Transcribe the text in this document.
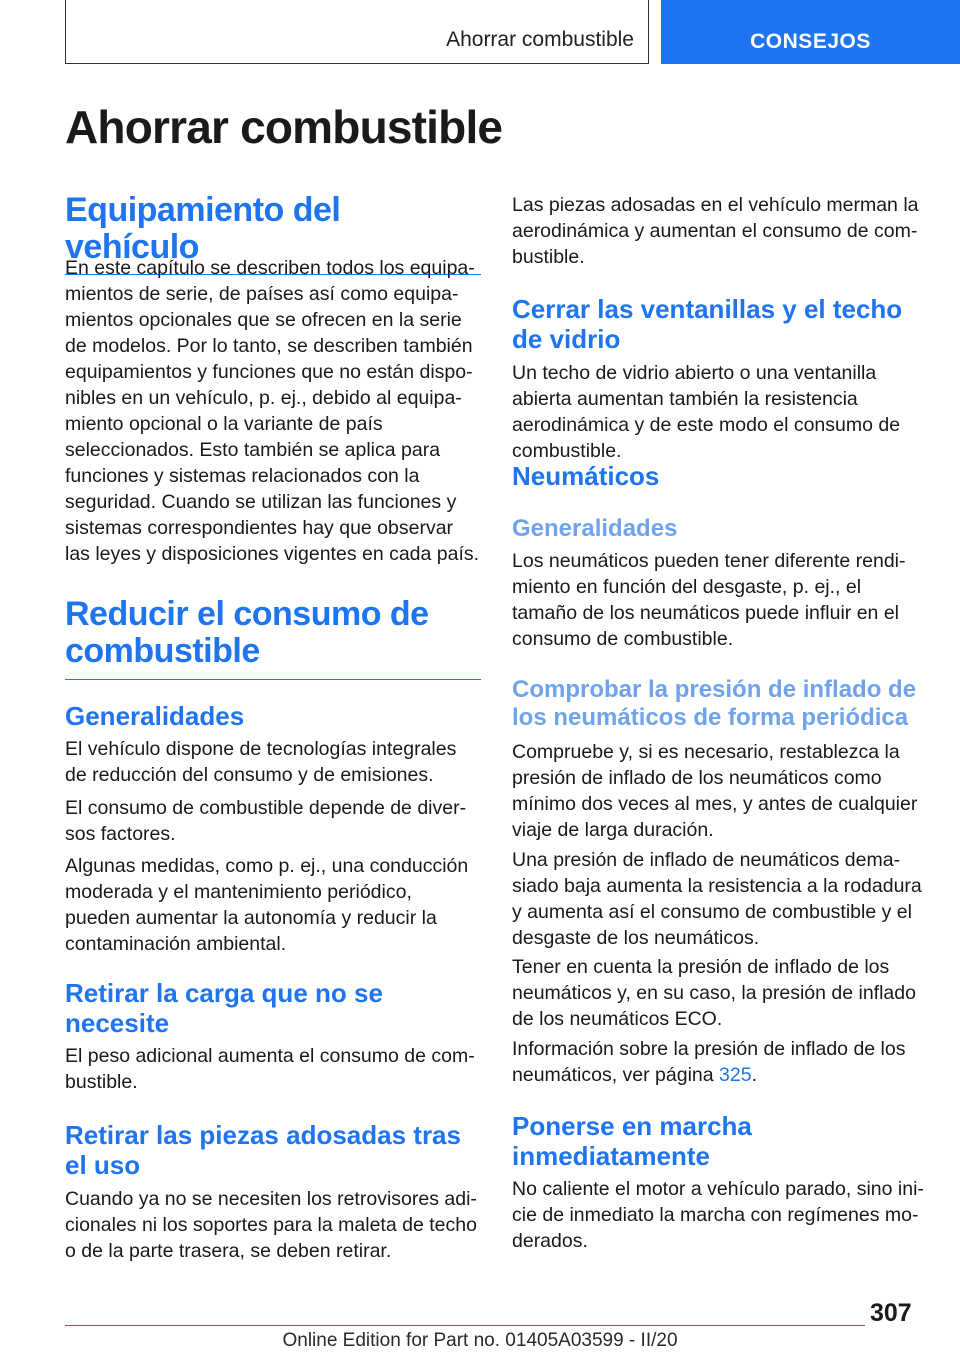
Ahorrar combustible	CONSEJOS
Ahorrar combustible
Equipamiento del vehículo

En este capítulo se describen todos los equipamientos de serie, de países así como equipamientos opcionales que se ofrecen en la serie de modelos. Por lo tanto, se describen también equipamientos y funciones que no están disponibles en un vehículo, p. ej., debido al equipamiento opcional o la variante de país seleccionados. Esto también se aplica para funciones y sistemas relacionados con la seguridad. Cuando se utilizan las funciones y sistemas correspondientes hay que observar las leyes y disposiciones vigentes en cada país.

Reducir el consumo de combustible
Generalidades

El vehículo dispone de tecnologías integrales de reducción del consumo y de emisiones.

El consumo de combustible depende de diversos factores.

Algunas medidas, como p. ej., una conducción moderada y el mantenimiento periódico, pueden aumentar la autonomía y reducir la contaminación ambiental.

Retirar la carga que no se necesite

El peso adicional aumenta el consumo de combustible.

Retirar las piezas adosadas tras el uso

Cuando ya no se necesiten los retrovisores adicionales ni los soportes para la maleta de techo o de la parte trasera, se deben retirar.

Las piezas adosadas en el vehículo merman la aerodinámica y aumentan el consumo de combustible.

Cerrar las ventanillas y el techo de vidrio

Un techo de vidrio abierto o una ventanilla abierta aumentan también la resistencia aerodinámica y de este modo el consumo de combustible.

Neumáticos
Generalidades

Los neumáticos pueden tener diferente rendimiento en función del desgaste, p. ej., el tamaño de los neumáticos puede influir en el consumo de combustible.

Comprobar la presión de inflado de los neumáticos de forma periódica

Compruebe y, si es necesario, restablezca la presión de inflado de los neumáticos como mínimo dos veces al mes, y antes de cualquier viaje de larga duración.

Una presión de inflado de neumáticos demasiado baja aumenta la resistencia a la rodadura y aumenta así el consumo de combustible y el desgaste de los neumáticos.

Tener en cuenta la presión de inflado de los neumáticos y, en su caso, la presión de inflado de los neumáticos ECO.

Información sobre la presión de inflado de los neumáticos, ver página 325.

Ponerse en marcha inmediatamente

No caliente el motor a vehículo parado, sino inicie de inmediato la marcha con regímenes moderados.

307
Online Edition for Part no. 01405A03599 - II/20
